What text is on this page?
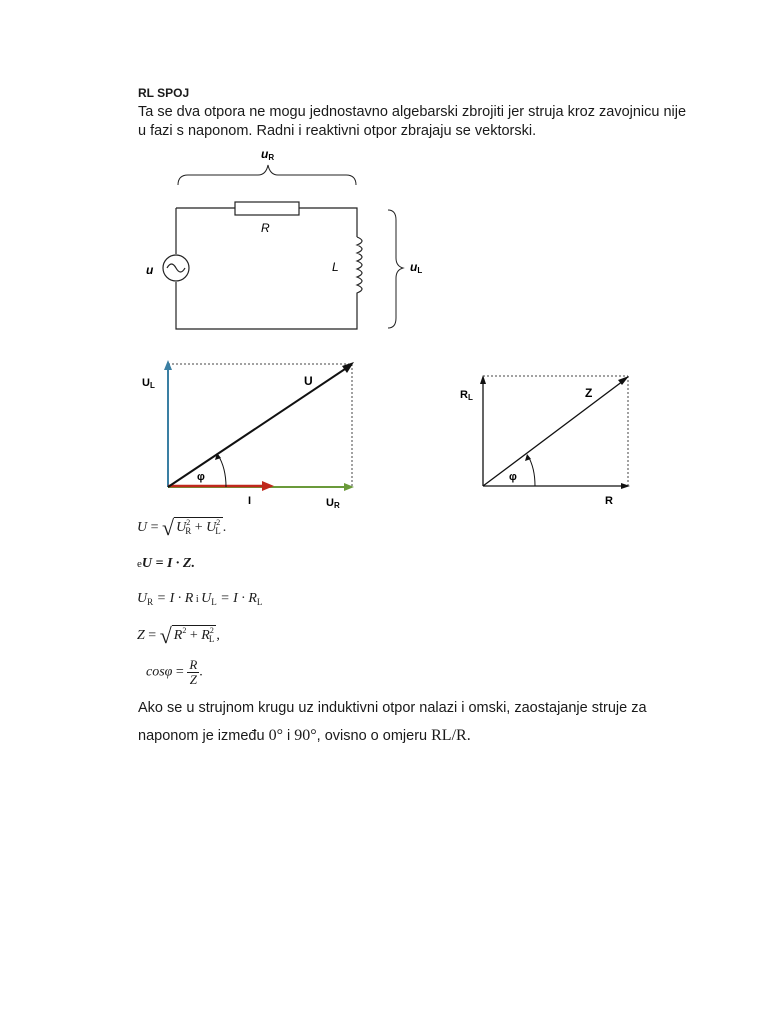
RL SPOJ
Ta se dva otpora ne mogu jednostavno algebarski zbrojiti jer struja kroz zavojnicu nije u fazi s naponom. Radni i reaktivni otpor zbrajaju se vektorski.
uR
R
u	L	uL
UL	U
φ
I	UR
RL	Z
φ
R
U = √ $U^2_R + U^2_L$ .
eU = I · Z.
$U_R = I \cdot R$ i $U_L = I \cdot R_L$
Z = √ $R^2 + R^2_L$ ,
$\cos\varphi = \frac{R}{Z}$ .
Ako se u strujnom krugu uz induktivni otpor nalazi i omski, zaostajanje struje za naponom je između 0° i 90°, ovisno o omjeru RL/R.
